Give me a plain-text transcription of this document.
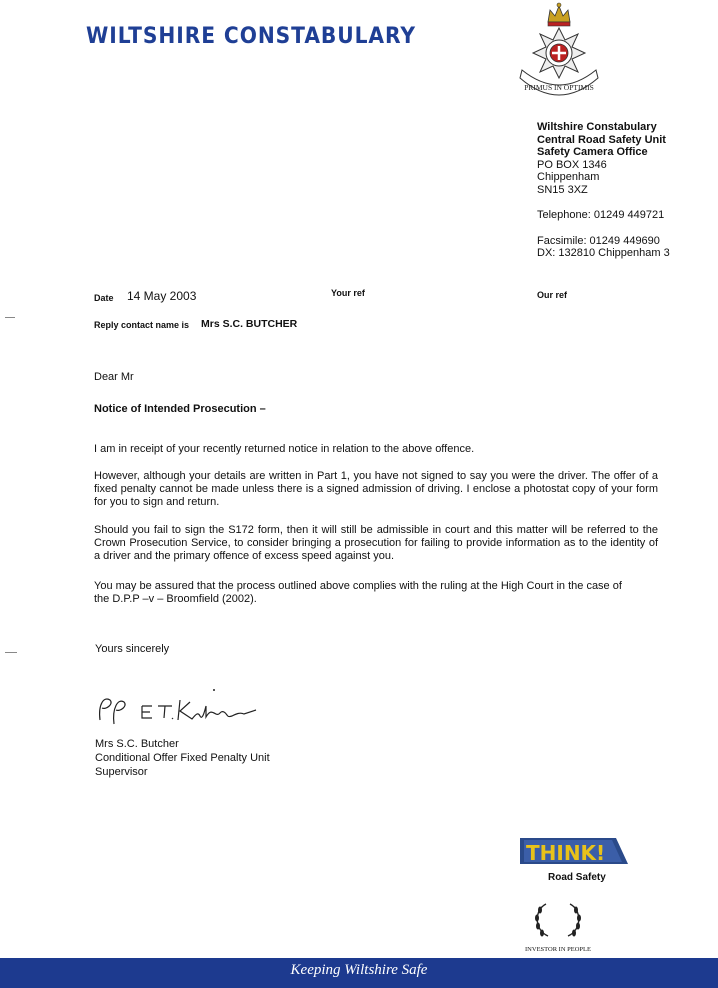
WILTSHIRE CONSTABULARY
PRIMUS IN OPTIMIS
Wiltshire Constabulary
Central Road Safety Unit
Safety Camera Office
PO BOX 1346
Chippenham
SN15 3XZ
Telephone: 01249 449721
Facsimile: 01249 449690
DX: 132810 Chippenham 3
Date 14 May 2003	Your ref	Our ref
Reply contact name is Mrs S.C. BUTCHER
Dear Mr
Notice of Intended Prosecution –
I am in receipt of your recently returned notice in relation to the above offence.
However, although your details are written in Part 1, you have not signed to say you were the driver. The offer of a fixed penalty cannot be made unless there is a signed admission of driving. I enclose a photostat copy of your form for you to sign and return.
Should you fail to sign the S172 form, then it will still be admissible in court and this matter will be referred to the Crown Prosecution Service, to consider bringing a prosecution for failing to provide information as to the identity of a driver and the primary offence of excess speed against you.
You may be assured that the process outlined above complies with the ruling at the High Court in the case of the D.P.P –v – Broomfield (2002).
Yours sincerely
Mrs S.C. Butcher
Conditional Offer Fixed Penalty Unit
Supervisor
THINK!
Road Safety
INVESTOR IN PEOPLE
Keeping Wiltshire Safe
